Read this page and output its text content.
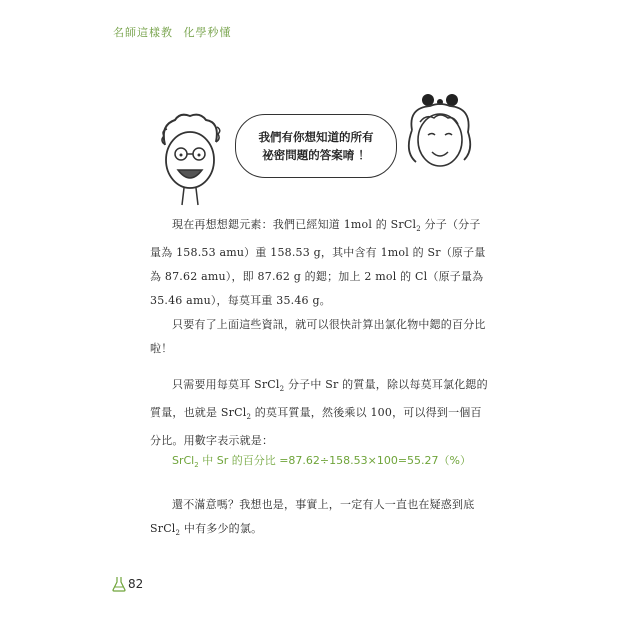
名師這樣教 化學秒懂
我們有你想知道的所有
祕密問題的答案唷 ！
現在再想想鍶元素：我們已經知道 1mol 的 SrCl$_2$ 分子（分子量為 158.53 amu）重 158.53 g，其中含有 1mol 的 Sr（原子量為 87.62 amu），即 87.62 g 的鍶；加上 2 mol 的 Cl（原子量為 35.46 amu），每莫耳重 35.46 g。
只要有了上面這些資訊，就可以很快計算出氯化物中鍶的百分比啦！
只需要用每莫耳 SrCl$_2$ 分子中 Sr 的質量，除以每莫耳氯化鍶的質量，也就是 SrCl$_2$ 的莫耳質量，然後乘以 100，可以得到一個百分比。用數字表示就是：
SrCl$_2$ 中 Sr 的百分比 =87.62÷158.53×100=55.27（%）
還不滿意嗎？我想也是，事實上，一定有人一直也在疑惑到底 SrCl$_2$ 中有多少的氯。
82
